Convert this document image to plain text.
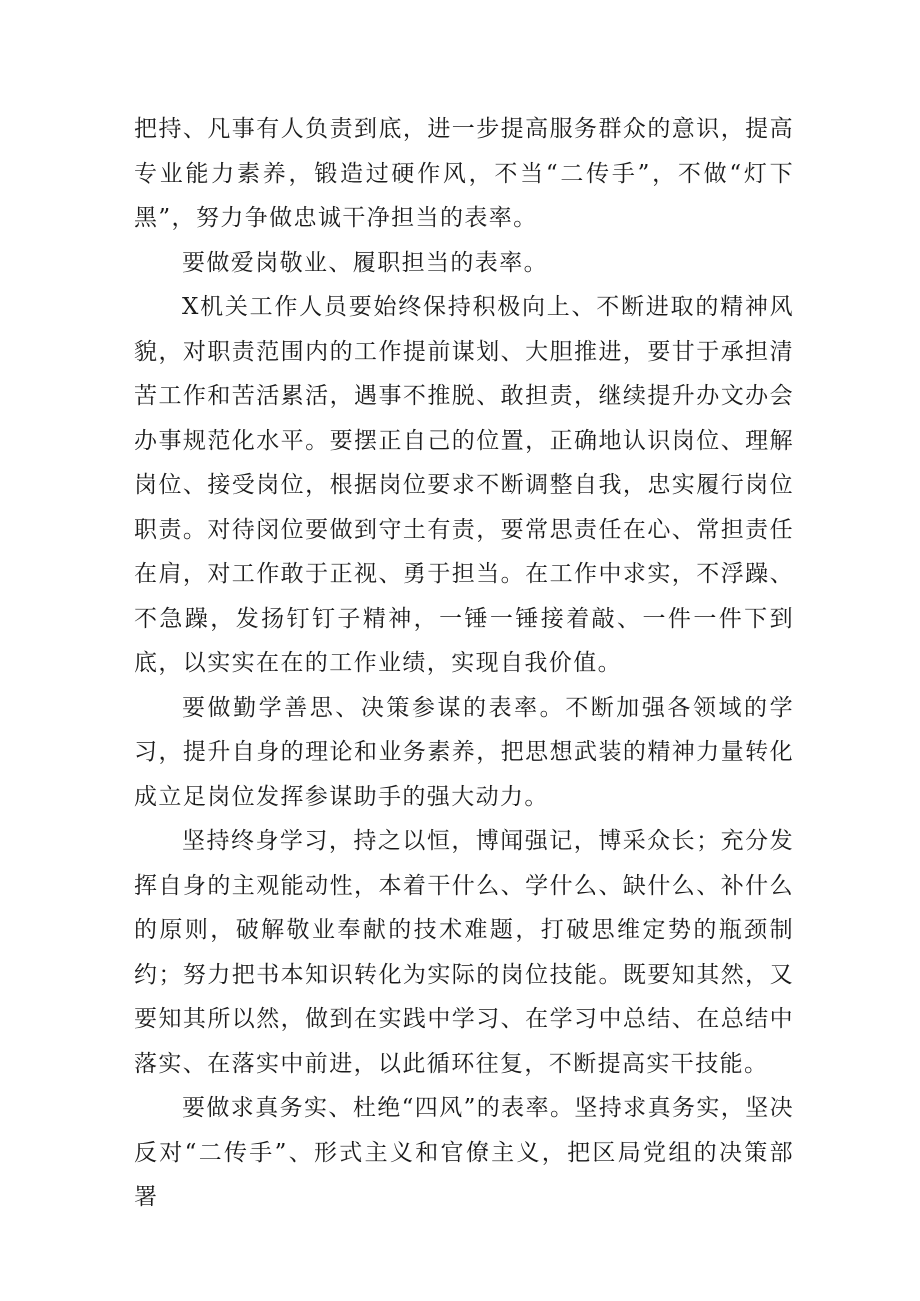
把持、凡事有人负责到底，进一步提高服务群众的意识，提高专业能力素养，锻造过硬作风，不当“二传手”，不做“灯下黑”，努力争做忠诚干净担当的表率。

要做爱岗敬业、履职担当的表率。

X机关工作人员要始终保持积极向上、不断进取的精神风貌，对职责范围内的工作提前谋划、大胆推进，要甘于承担清苦工作和苦活累活，遇事不推脱、敢担责，继续提升办文办会办事规范化水平。要摆正自己的位置，正确地认识岗位、理解岗位、接受岗位，根据岗位要求不断调整自我，忠实履行岗位职责。对待闵位要做到守土有责，要常思责任在心、常担责任在肩，对工作敢于正视、勇于担当。在工作中求实，不浮躁、不急躁，发扬钉钉子精神，一锤一锤接着敲、一件一件下到底，以实实在在的工作业绩，实现自我价值。

要做勤学善思、决策参谋的表率。不断加强各领域的学习，提升自身的理论和业务素养，把思想武装的精神力量转化成立足岗位发挥参谋助手的强大动力。

坚持终身学习，持之以恒，博闻强记，博采众长；充分发挥自身的主观能动性，本着干什么、学什么、缺什么、补什么的原则，破解敬业奉献的技术难题，打破思维定势的瓶颈制约；努力把书本知识转化为实际的岗位技能。既要知其然，又要知其所以然，做到在实践中学习、在学习中总结、在总结中落实、在落实中前进，以此循环往复，不断提高实干技能。

要做求真务实、杜绝“四风”的表率。坚持求真务实，坚决反对“二传手”、形式主义和官僚主义，把区局党组的决策部署
